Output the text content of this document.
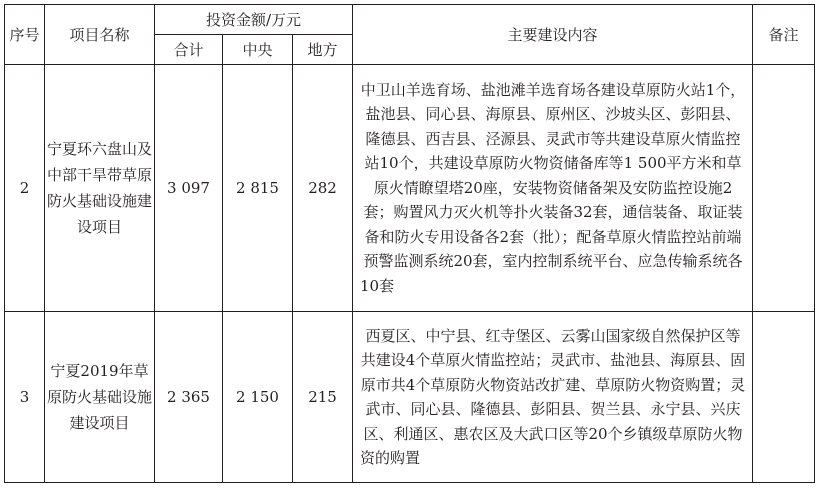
序号	项目名称	投资金额/万元			主要建设内容	备注
		合计	中央	地方		
2	宁夏环六盘山及中部干旱带草原防火基础设施建设项目	3 097	2 815	282	中卫山羊选育场、盐池滩羊选育场各建设草原防火站1个，盐池县、同心县、海原县、原州区、沙坡头区、彭阳县、隆德县、西吉县、泾源县、灵武市等共建设草原火情监控站10个，共建设草原防火物资储备库等1 500平方米和草原火情瞭望塔20座，安装物资储备架及安防监控设施2套；购置风力灭火机等扑火装备32套，通信装备、取证装备和防火专用设备各2套（批）；配备草原火情监控站前端预警监测系统20套，室内控制系统平台、应急传输系统各10套	
3	宁夏2019年草原防火基础设施建设项目	2 365	2 150	215	西夏区、中宁县、红寺堡区、云雾山国家级自然保护区等共建设4个草原火情监控站；灵武市、盐池县、海原县、固原市共4个草原防火物资站改扩建、草原防火物资购置；灵武市、同心县、隆德县、彭阳县、贺兰县、永宁县、兴庆区、利通区、惠农区及大武口区等20个乡镇级草原防火物资的购置	
